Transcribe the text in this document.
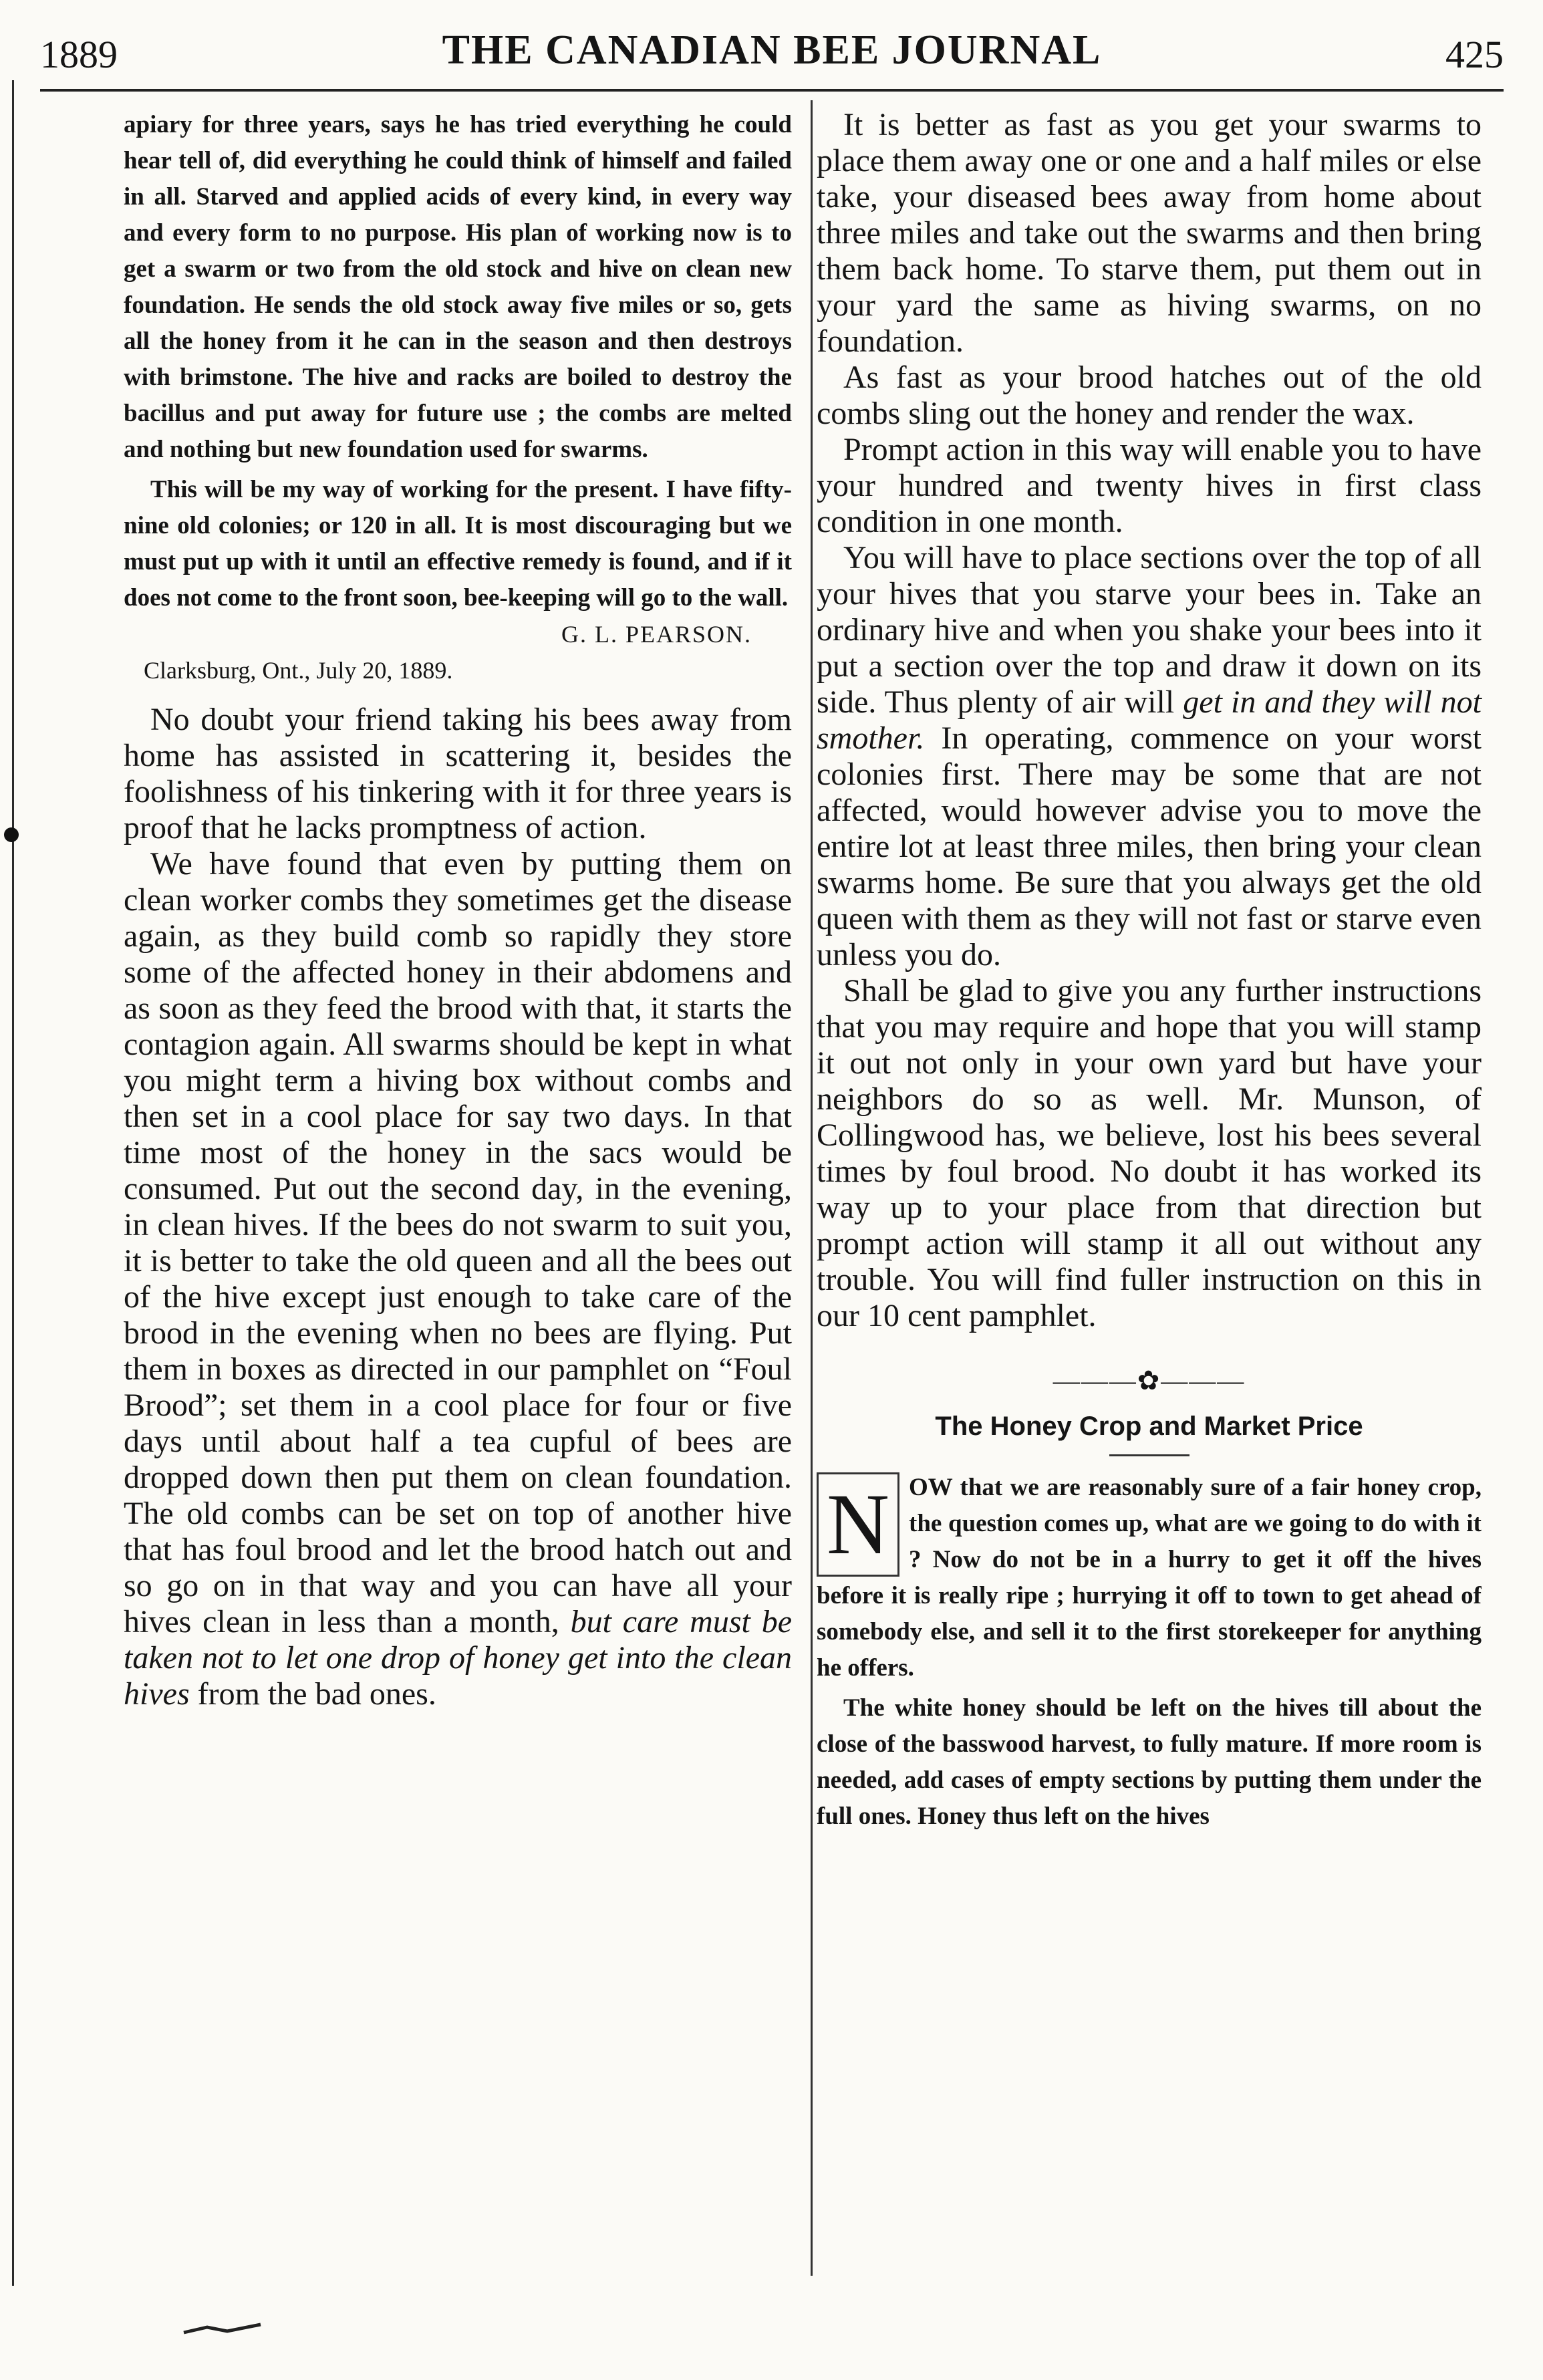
1889	THE CANADIAN BEE JOURNAL	425

apiary for three years, says he has tried everything he could hear tell of, did everything he could think of himself and failed in all. Starved and applied acids of every kind, in every way and every form to no purpose. His plan of working now is to get a swarm or two from the old stock and hive on clean new foundation. He sends the old stock away five miles or so, gets all the honey from it he can in the season and then destroys with brimstone. The hive and racks are boiled to destroy the bacillus and put away for future use ; the combs are melted and nothing but new foundation used for swarms.

This will be my way of working for the present. I have fifty-nine old colonies; or 120 in all. It is most discouraging but we must put up with it until an effective remedy is found, and if it does not come to the front soon, bee-keeping will go to the wall.

G. L. PEARSON.
Clarksburg, Ont., July 20, 1889.

No doubt your friend taking his bees away from home has assisted in scattering it, besides the foolishness of his tinkering with it for three years is proof that he lacks promptness of action.

We have found that even by putting them on clean worker combs they sometimes get the disease again, as they build comb so rapidly they store some of the affected honey in their abdomens and as soon as they feed the brood with that, it starts the contagion again. All swarms should be kept in what you might term a hiving box without combs and then set in a cool place for say two days. In that time most of the honey in the sacs would be consumed. Put out the second day, in the evening, in clean hives. If the bees do not swarm to suit you, it is better to take the old queen and all the bees out of the hive except just enough to take care of the brood in the evening when no bees are flying. Put them in boxes as directed in our pamphlet on “Foul Brood”; set them in a cool place for four or five days until about half a tea cupful of bees are dropped down then put them on clean foundation. The old combs can be set on top of another hive that has foul brood and let the brood hatch out and so go on in that way and you can have all your hives clean in less than a month, but care must be taken not to let one drop of honey get into the clean hives from the bad ones.

It is better as fast as you get your swarms to place them away one or one and a half miles or else take, your diseased bees away from home about three miles and take out the swarms and then bring them back home. To starve them, put them out in your yard the same as hiving swarms, on no foundation.

As fast as your brood hatches out of the old combs sling out the honey and render the wax.

Prompt action in this way will enable you to have your hundred and twenty hives in first class condition in one month.

You will have to place sections over the top of all your hives that you starve your bees in. Take an ordinary hive and when you shake your bees into it put a section over the top and draw it down on its side. Thus plenty of air will get in and they will not smother. In operating, commence on your worst colonies first. There may be some that are not affected, would however advise you to move the entire lot at least three miles, then bring your clean swarms home. Be sure that you always get the old queen with them as they will not fast or starve even unless you do.

Shall be glad to give you any further instructions that you may require and hope that you will stamp it out not only in your own yard but have your neighbors do so as well. Mr. Munson, of Collingwood has, we believe, lost his bees several times by foul brood. No doubt it has worked its way up to your place from that direction but prompt action will stamp it all out without any trouble. You will find fuller instruction on this in our 10 cent pamphlet.

———✿———
The Honey Crop and Market Price
N OW that we are reasonably sure of a fair honey crop, the question comes up, what are we going to do with it ? Now do not be in a hurry to get it off the hives before it is really ripe ; hurrying it off to town to get ahead of somebody else, and sell it to the first storekeeper for anything he offers.

The white honey should be left on the hives till about the close of the basswood harvest, to fully mature. If more room is needed, add cases of empty sections by putting them under the full ones. Honey thus left on the hives
